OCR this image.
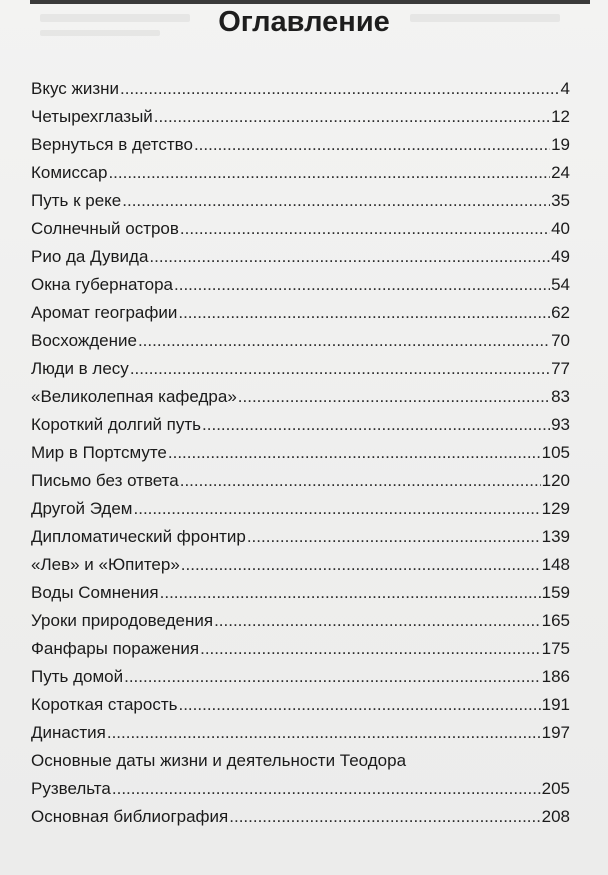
Оглавление
Вкус жизни .....	4
Четырехглазый .....	12
Вернуться в детство .....	19
Комиссар .....	24
Путь к реке .....	35
Солнечный остров .....	40
Рио да Дувида .....	49
Окна губернатора .....	54
Аромат географии .....	62
Восхождение .....	70
Люди в лесу .....	77
«Великолепная кафедра» .....	83
Короткий долгий путь .....	93
Мир в Портсмуте .....	105
Письмо без ответа .....	120
Другой Эдем .....	129
Дипломатический фронтир .....	139
«Лев» и «Юпитер» .....	148
Воды Сомнения .....	159
Уроки природоведения .....	165
Фанфары поражения .....	175
Путь домой .....	186
Короткая старость .....	191
Династия .....	197
Основные даты жизни и деятельности Теодора
Рузвельта .....	205
Основная библиография .....	208
